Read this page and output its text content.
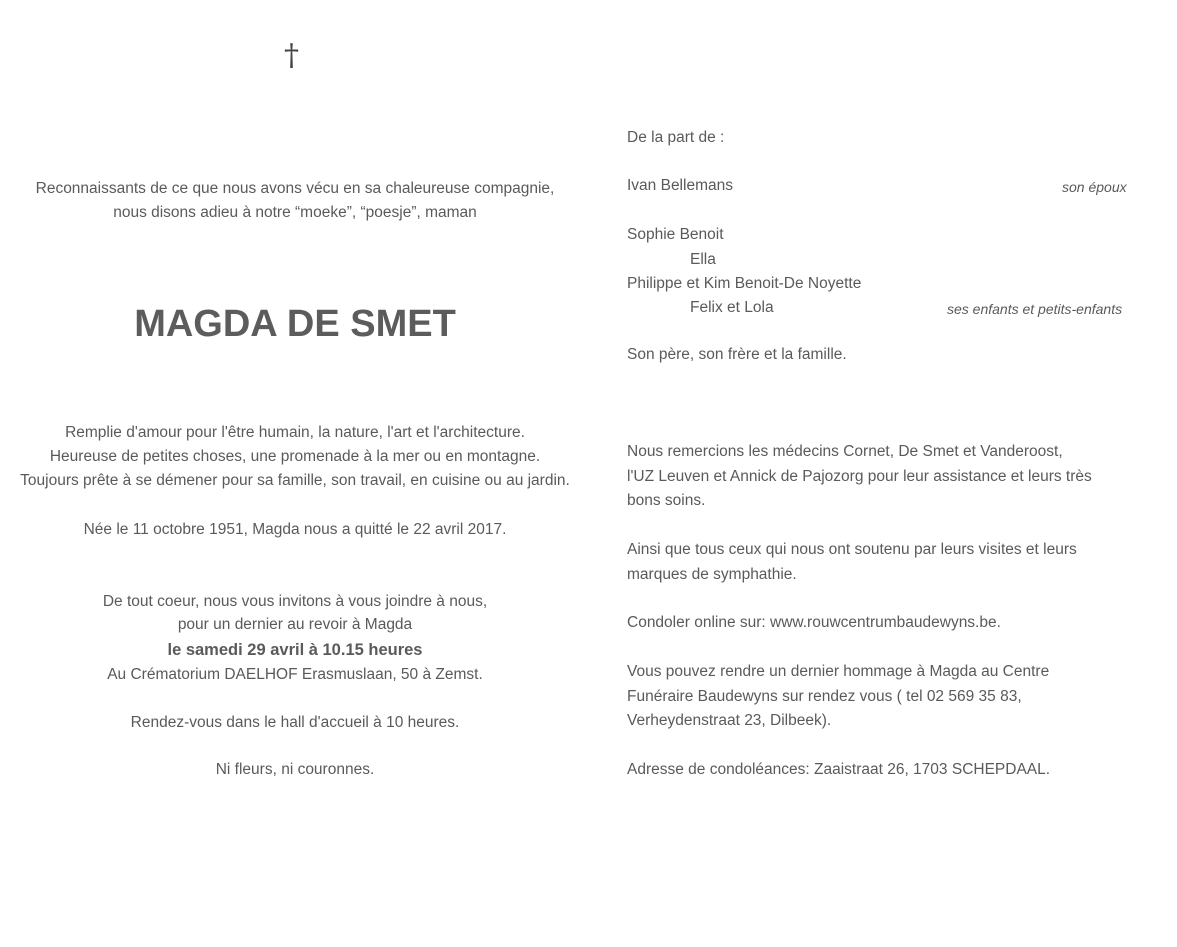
†

Reconnaissants de ce que nous avons vécu en sa chaleureuse compagnie,

nous disons adieu à notre “moeke”, “poesje”, maman

MAGDA DE SMET

Remplie d'amour pour l'être humain, la nature, l'art et l'architecture.

Heureuse de petites choses, une promenade à la mer ou en montagne.

Toujours prête à se démener pour sa famille, son travail, en cuisine ou au jardin.

Née le 11 octobre 1951, Magda nous a quitté le 22 avril 2017.

De tout coeur, nous vous invitons à vous joindre à nous,

pour un dernier au revoir à Magda

le samedi 29 avril à 10.15 heures

Au Crématorium DAELHOF Erasmuslaan, 50 à Zemst.

Rendez-vous dans le hall d'accueil à 10 heures.

Ni fleurs, ni couronnes.

De la part de :

Ivan Bellemans	son époux

Sophie Benoit

Ella

Philippe et Kim Benoit-De Noyette

Felix et Lola	ses enfants et petits-enfants

Son père, son frère et la famille.

Nous remercions les médecins Cornet, De Smet et Vanderoost,
l'UZ Leuven et Annick de Pajozorg pour leur assistance et leurs très
bons soins.
Ainsi que tous ceux qui nous ont soutenu par leurs visites et leurs
marques de symphathie.

Condoler online sur: www.rouwcentrumbaudewyns.be.

Vous pouvez rendre un dernier hommage à Magda au Centre
Funéraire Baudewyns sur rendez vous ( tel 02 569 35 83,
Verheydenstraat 23, Dilbeek).

Adresse de condoléances: Zaaistraat 26, 1703 SCHEPDAAL.
